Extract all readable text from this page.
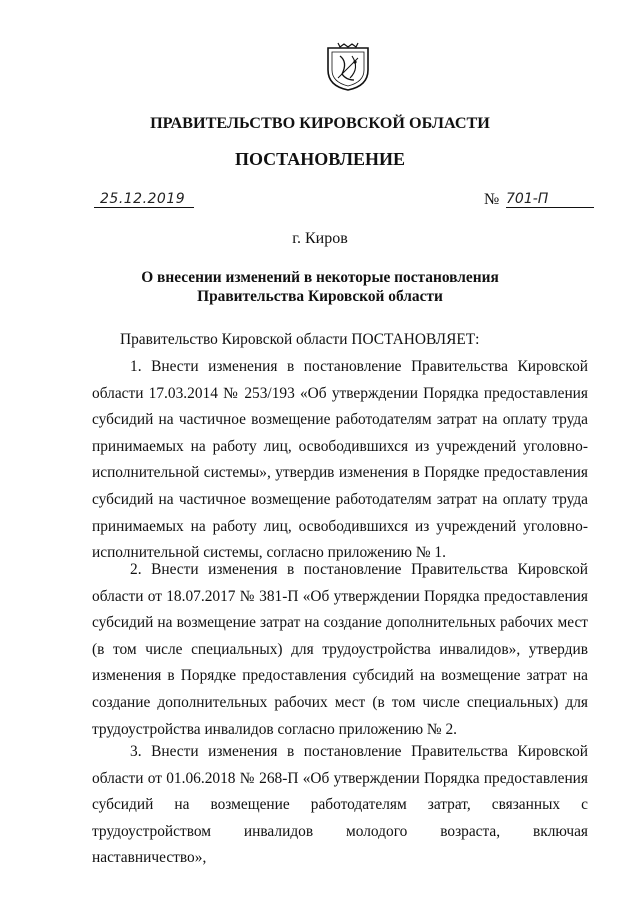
ПРАВИТЕЛЬСТВО КИРОВСКОЙ ОБЛАСТИ
ПОСТАНОВЛЕНИЕ
25.12.2019	№ 701-П
г. Киров
О внесении изменений в некоторые постановления
Правительства Кировской области

Правительство Кировской области ПОСТАНОВЛЯЕТ:

1. Внести изменения в постановление Правительства Кировской области 17.03.2014 № 253/193 «Об утверждении Порядка предоставления субсидий на частичное возмещение работодателям затрат на оплату труда принимаемых на работу лиц, освободившихся из учреждений уголовно-исполнительной системы», утвердив изменения в Порядке предоставления субсидий на частичное возмещение работодателям затрат на оплату труда принимаемых на работу лиц, освободившихся из учреждений уголовно-исполнительной системы, согласно приложению № 1.

2. Внести изменения в постановление Правительства Кировской области от 18.07.2017 № 381-П «Об утверждении Порядка предоставления субсидий на возмещение затрат на создание дополнительных рабочих мест (в том числе специальных) для трудоустройства инвалидов», утвердив изменения в Порядке предоставления субсидий на возмещение затрат на создание дополнительных рабочих мест (в том числе специальных) для трудоустройства инвалидов согласно приложению № 2.

3. Внести изменения в постановление Правительства Кировской области от 01.06.2018 № 268-П «Об утверждении Порядка предоставления субсидий на возмещение работодателям затрат, связанных с трудоустройством инвалидов молодого возраста, включая наставничество»,
